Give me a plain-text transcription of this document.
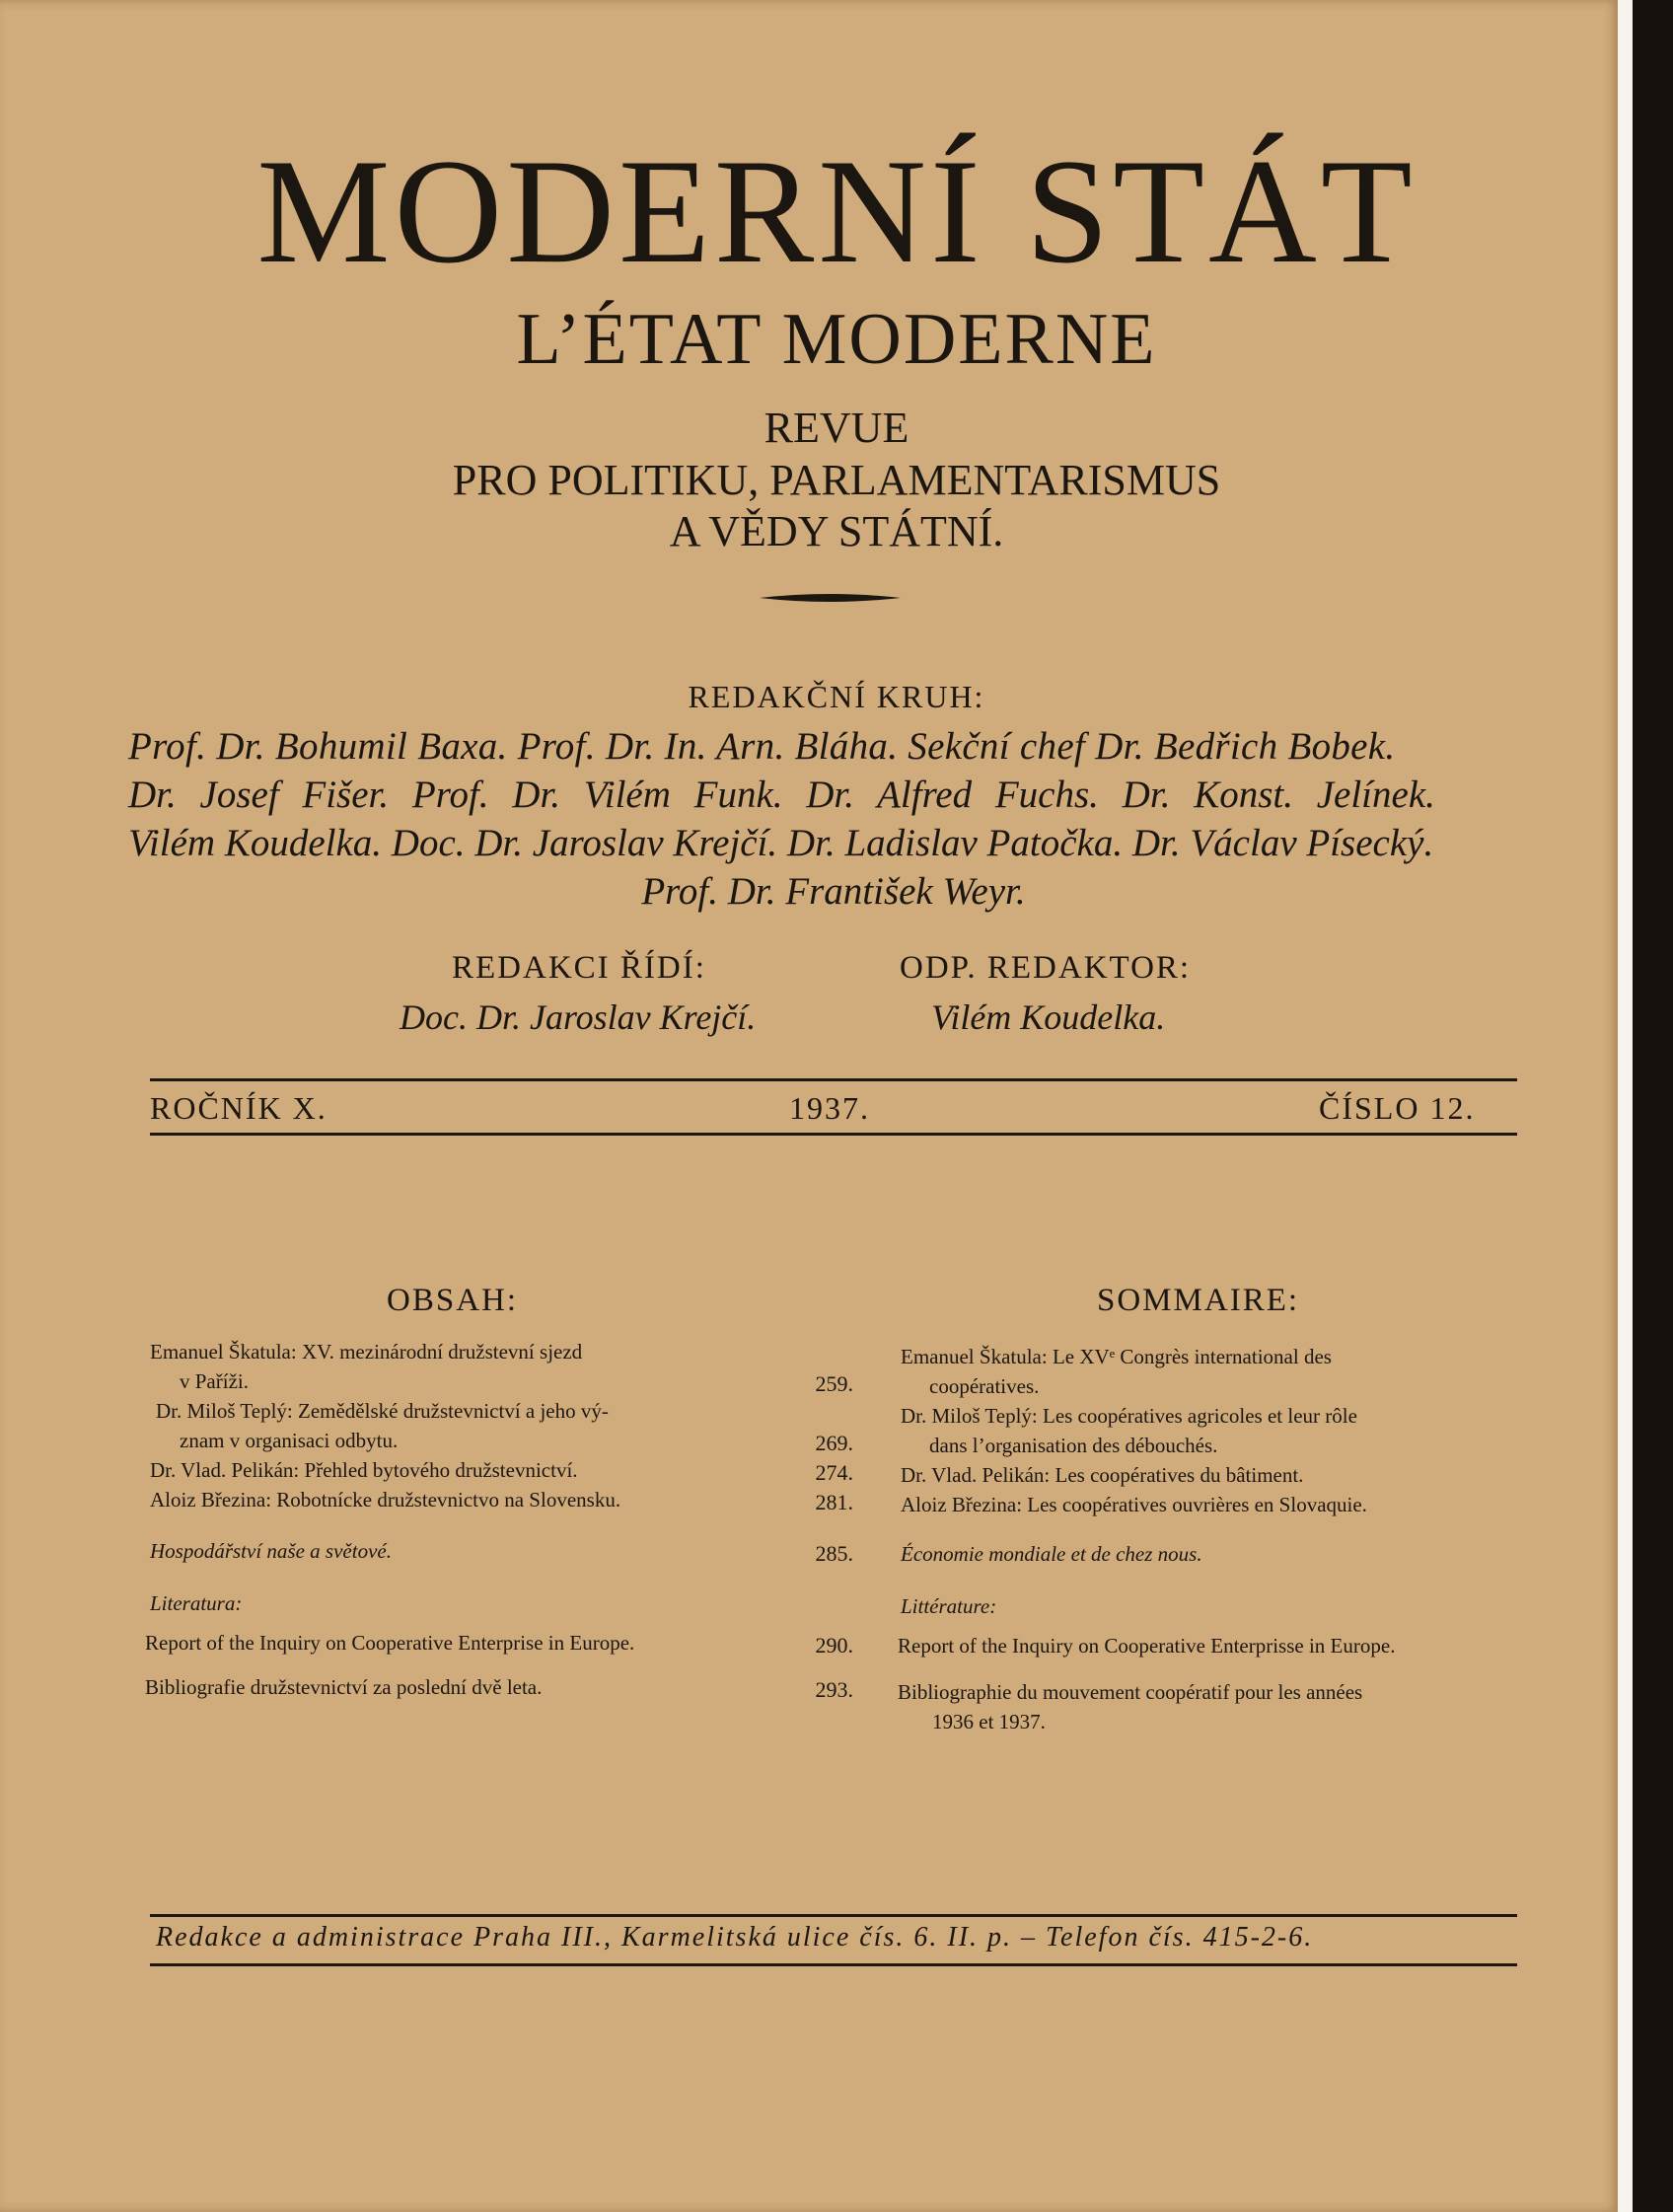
MODERNÍ STÁT
L’ÉTAT MODERNE
REVUE
PRO POLITIKU, PARLAMENTARISMUS
A VĚDY STÁTNÍ.
REDAKČNÍ KRUH:
Prof. Dr. Bohumil Baxa. Prof. Dr. In. Arn. Bláha. Sekční chef Dr. Bedřich Bobek.
Dr. Josef Fišer. Prof. Dr. Vilém Funk. Dr. Alfred Fuchs. Dr. Konst. Jelínek.
Vilém Koudelka. Doc. Dr. Jaroslav Krejčí. Dr. Ladislav Patočka. Dr. Václav Písecký.
Prof. Dr. František Weyr.
REDAKCI ŘÍDÍ:
Doc. Dr. Jaroslav Krejčí.
ODP. REDAKTOR:
Vilém Koudelka.
ROČNÍK X.	1937.	ČÍSLO 12.
OBSAH:	SOMMAIRE:
Emanuel Škatula: XV. mezinárodní družstevní sjezd
v Paříži.	259.
Dr. Miloš Teplý: Zemědělské družstevnictví a jeho vý-
znam v organisaci odbytu.	269.
Dr. Vlad. Pelikán: Přehled bytového družstevnictví.	274.
Aloiz Březina: Robotnícke družstevnictvo na Slovensku.	281.
Hospodářství naše a světové.	285.
Literatura:
Report of the Inquiry on Cooperative Enterprise in Europe.	290.
Bibliografie družstevnictví za poslední dvě leta.	293.
Emanuel Škatula: Le XVᵉ Congrès international des
coopératives.
Dr. Miloš Teplý: Les coopératives agricoles et leur rôle
dans l’organisation des débouchés.
Dr. Vlad. Pelikán: Les coopératives du bâtiment.
Aloiz Březina: Les coopératives ouvrières en Slovaquie.
Économie mondiale et de chez nous.
Littérature:
Report of the Inquiry on Cooperative Enterprisse in Europe.
Bibliographie du mouvement coopératif pour les années
1936 et 1937.
Redakce a administrace Praha III., Karmelitská ulice čís. 6. II. p. – Telefon čís. 415-2-6.
